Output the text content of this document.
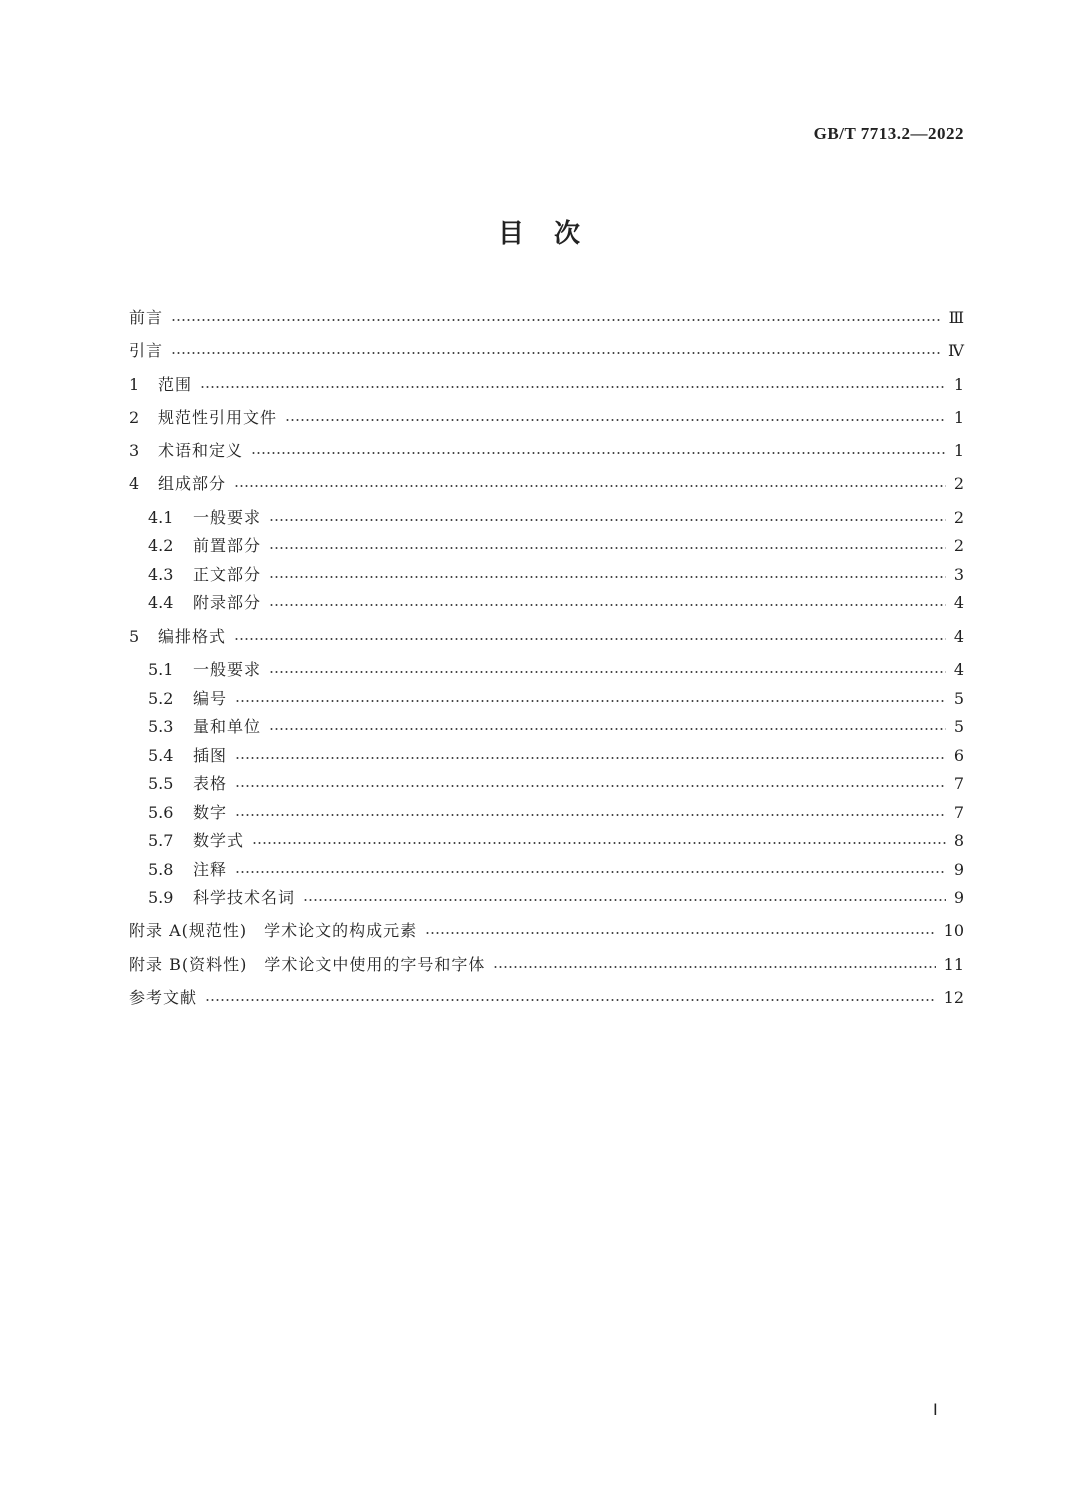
GB/T 7713.2—2022
目　次
前言	Ⅲ
引言	Ⅳ
1	范围	1
2	规范性引用文件	1
3	术语和定义	1
4	组成部分	2
4.1	一般要求	2
4.2	前置部分	2
4.3	正文部分	3
4.4	附录部分	4
5	编排格式	4
5.1	一般要求	4
5.2	编号	5
5.3	量和单位	5
5.4	插图	6
5.5	表格	7
5.6	数字	7
5.7	数学式	8
5.8	注释	9
5.9	科学技术名词	9
附录 A(规范性)　学术论文的构成元素	10
附录 B(资料性)　学术论文中使用的字号和字体	11
参考文献	12
Ⅰ
